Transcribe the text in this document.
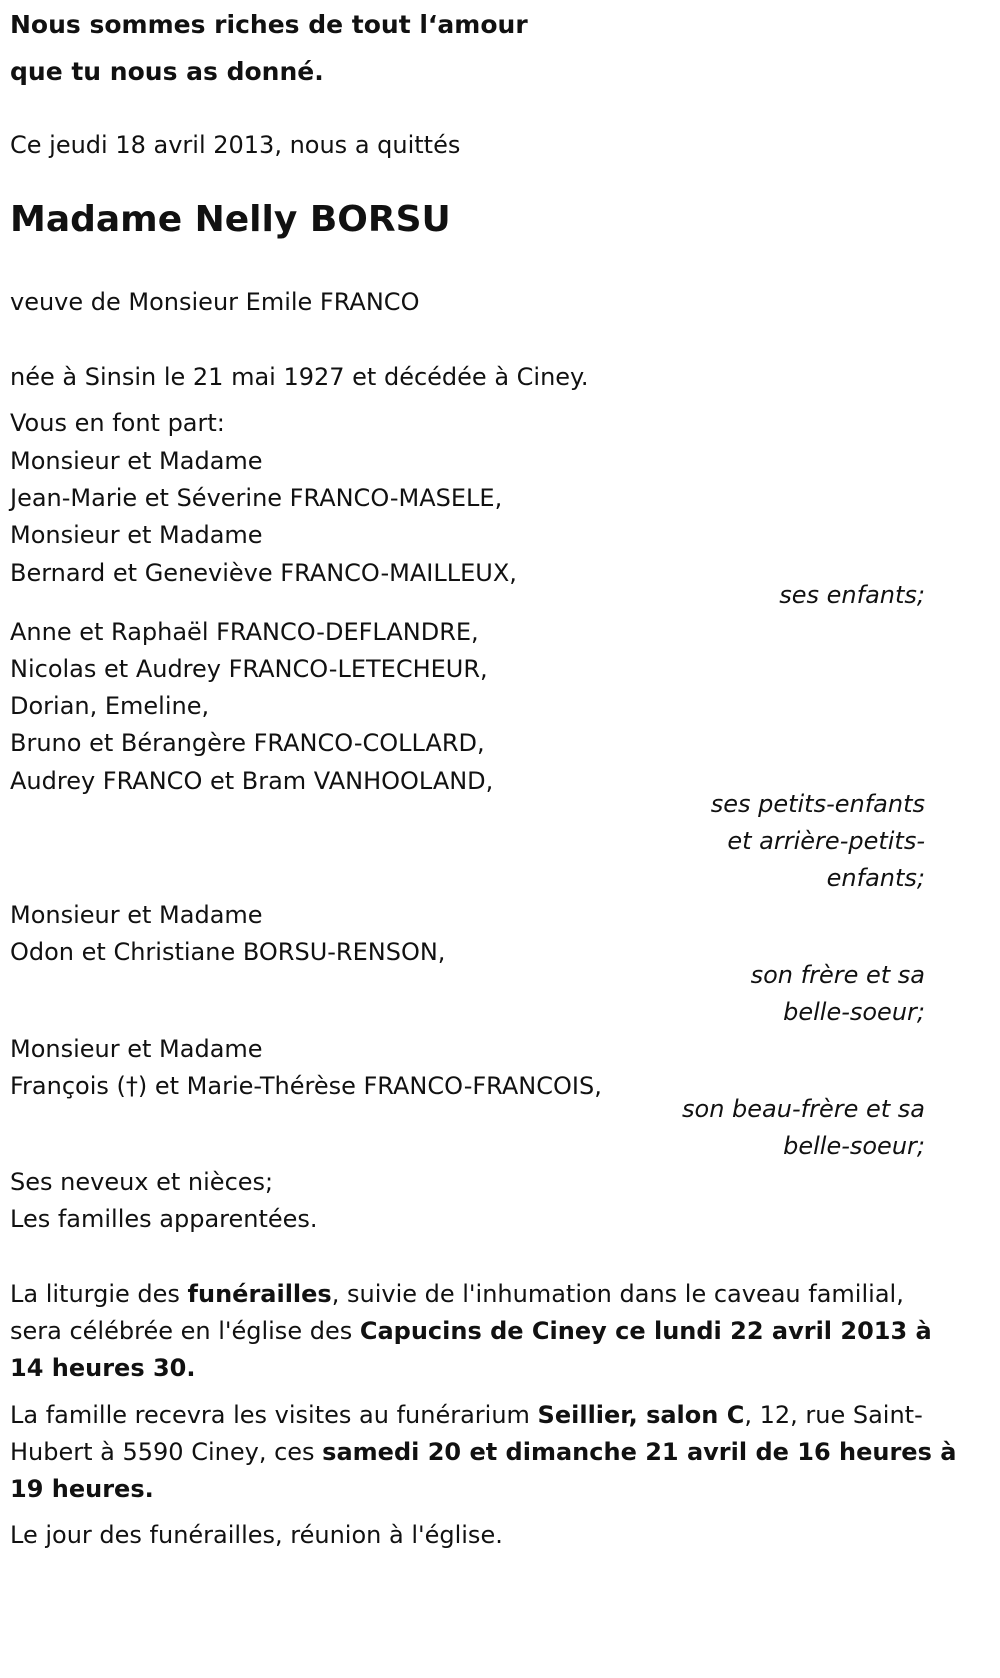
Nous sommes riches de tout l‘amour
que tu nous as donné.
Ce jeudi 18 avril 2013, nous a quittés
Madame Nelly BORSU
veuve de Monsieur Emile FRANCO
née à Sinsin le 21 mai 1927 et décédée à Ciney.
Vous en font part:
Monsieur et Madame
Jean-Marie et Séverine FRANCO-MASELE,
Monsieur et Madame
Bernard et Geneviève FRANCO-MAILLEUX,
ses enfants;
Anne et Raphaël FRANCO-DEFLANDRE,
Nicolas et Audrey FRANCO-LETECHEUR,
Dorian, Emeline,
Bruno et Bérangère FRANCO-COLLARD,
Audrey FRANCO et Bram VANHOOLAND,
ses petits-enfants
et arrière-petits-
enfants;
Monsieur et Madame
Odon et Christiane BORSU-RENSON,
son frère et sa
belle-soeur;
Monsieur et Madame
François (†) et Marie-Thérèse FRANCO-FRANCOIS,
son beau-frère et sa
belle-soeur;
Ses neveux et nièces;
Les familles apparentées.
La liturgie des funérailles, suivie de l'inhumation dans le caveau familial,
sera célébrée en l'église des Capucins de Ciney ce lundi 22 avril 2013 à
14 heures 30.
La famille recevra les visites au funérarium Seillier, salon C, 12, rue Saint-
Hubert à 5590 Ciney, ces samedi 20 et dimanche 21 avril de 16 heures à
19 heures.
Le jour des funérailles, réunion à l'église.
